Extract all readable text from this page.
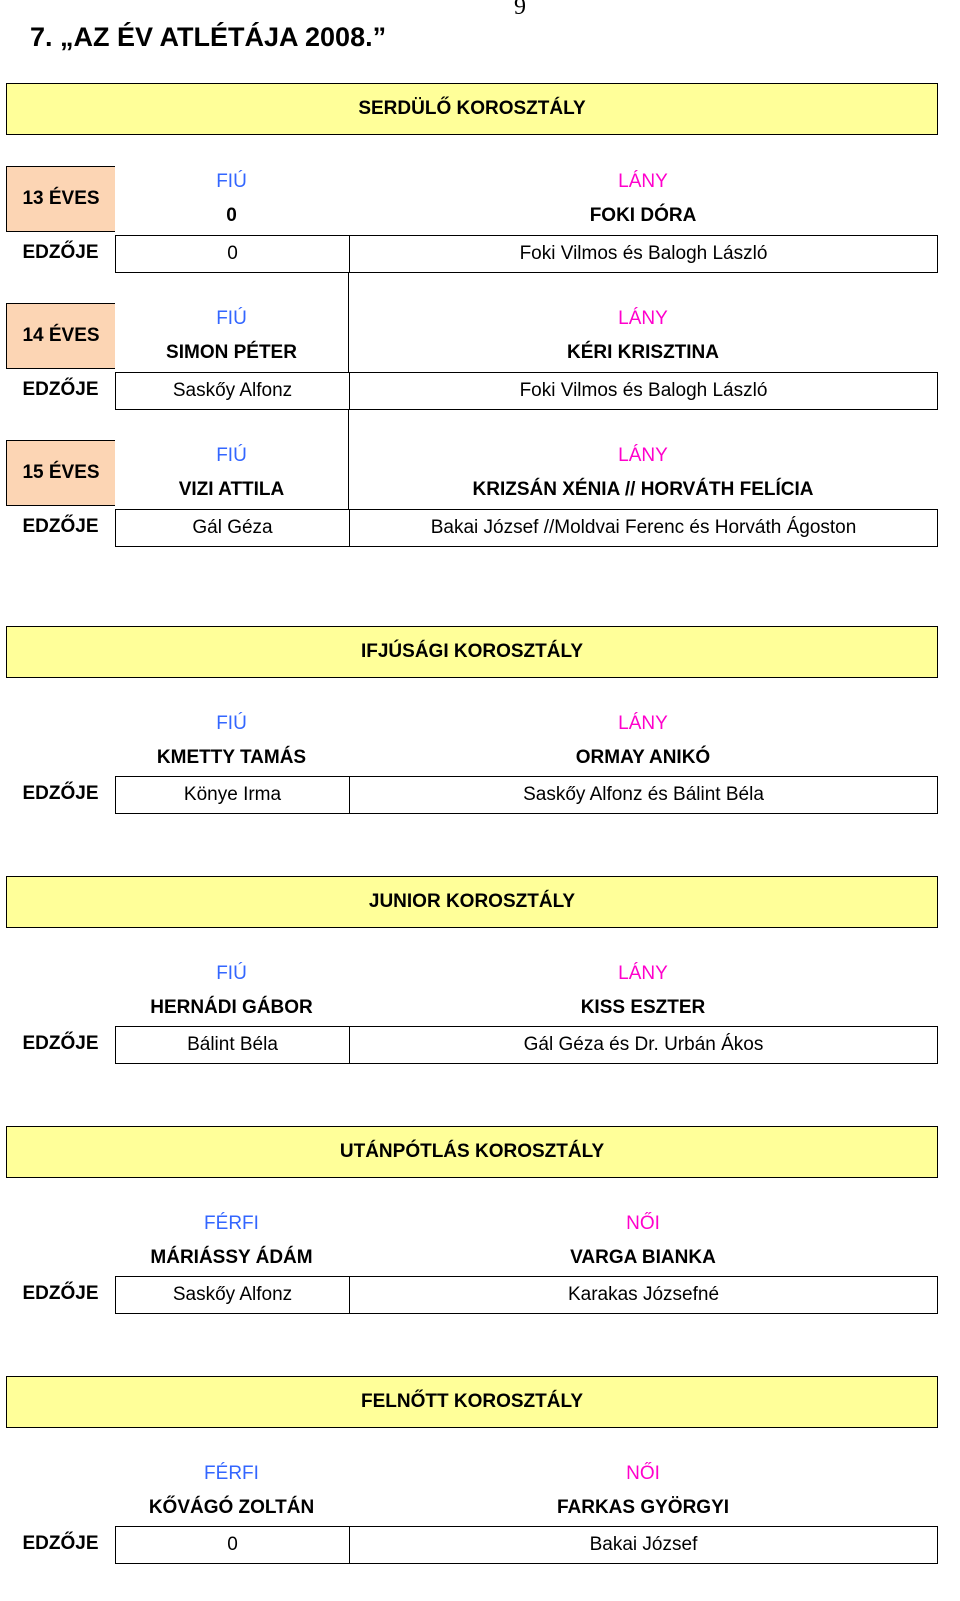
9
7. „AZ ÉV ATLÉTÁJA 2008.”
SERDÜLŐ KOROSZTÁLY
13 ÉVES
FIÚ	LÁNY
0	FOKI DÓRA
EDZŐJE	0	Foki Vilmos és Balogh László
14 ÉVES
FIÚ	LÁNY
SIMON PÉTER	KÉRI KRISZTINA
EDZŐJE	Saskőy Alfonz	Foki Vilmos és Balogh László
15 ÉVES
FIÚ	LÁNY
VIZI ATTILA	KRIZSÁN XÉNIA // HORVÁTH FELÍCIA
EDZŐJE	Gál Géza	Bakai József //Moldvai Ferenc és Horváth Ágoston
IFJÚSÁGI KOROSZTÁLY
FIÚ	LÁNY
KMETTY TAMÁS	ORMAY ANIKÓ
EDZŐJE	Könye Irma	Saskőy Alfonz és Bálint Béla
JUNIOR KOROSZTÁLY
FIÚ	LÁNY
HERNÁDI GÁBOR	KISS ESZTER
EDZŐJE	Bálint Béla	Gál Géza és Dr. Urbán Ákos
UTÁNPÓTLÁS KOROSZTÁLY
FÉRFI	NŐI
MÁRIÁSSY ÁDÁM	VARGA BIANKA
EDZŐJE	Saskőy Alfonz	Karakas Józsefné
FELNŐTT KOROSZTÁLY
FÉRFI	NŐI
KŐVÁGÓ ZOLTÁN	FARKAS GYÖRGYI
EDZŐJE	0	Bakai József
